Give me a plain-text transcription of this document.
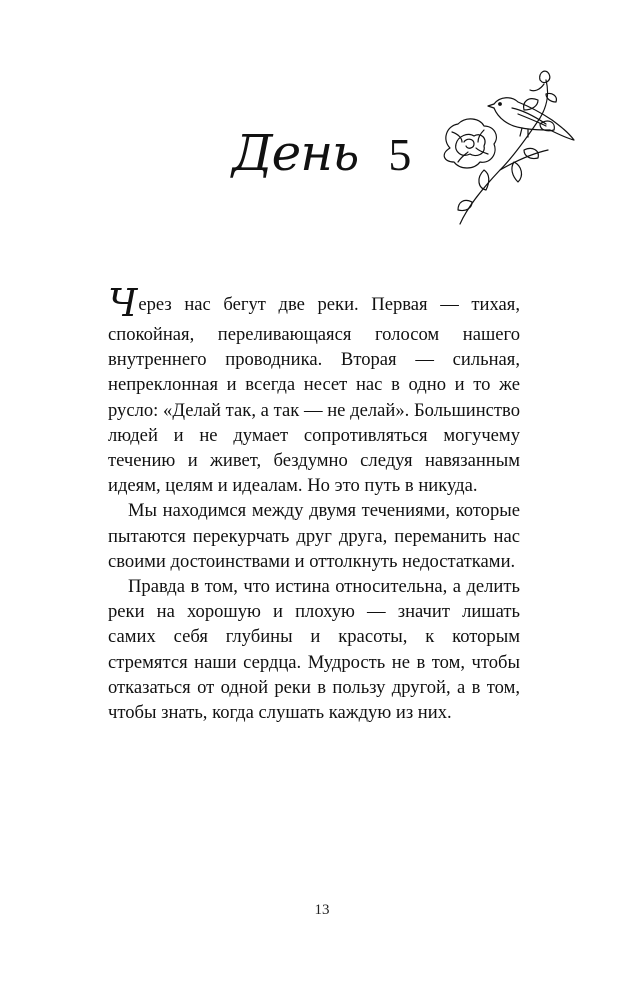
День 5

Через нас бегут две реки. Первая — тихая, спокойная, переливающаяся голосом нашего внутреннего проводника. Вторая — сильная, непреклонная и всегда несет нас в одно и то же русло: «Делай так, а так — не делай». Большинство людей и не думает сопротивляться могучему течению и живет, бездумно следуя навязанным идеям, целям и идеалам. Но это путь в никуда.

Мы находимся между двумя течениями, которые пытаются перекурчать друг друга, переманить нас своими достоинствами и оттолкнуть недостатками.

Правда в том, что истина относительна, а делить реки на хорошую и плохую — значит лишать самих себя глубины и красоты, к которым стремятся наши сердца. Мудрость не в том, чтобы отказаться от одной реки в пользу другой, а в том, чтобы знать, когда слушать каждую из них.

13
